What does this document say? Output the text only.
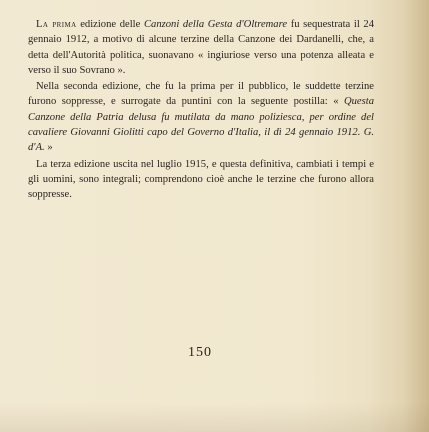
La prima edizione delle Canzoni della Gesta d'Oltremare fu sequestrata il 24 gennaio 1912, a motivo di alcune terzine della Canzone dei Dardanelli, che, a detta dell'Autorità politica, suonavano « ingiuriose verso una potenza alleata e verso il suo Sovrano ».

Nella seconda edizione, che fu la prima per il pubblico, le suddette terzine furono soppresse, e surrogate da puntini con la seguente postilla: « Questa Canzone della Patria delusa fu mutilata da mano poliziesca, per ordine del cavaliere Giovanni Giolitti capo del Governo d'Italia, il dì 24 gennaio 1912. G. d'A. »

La terza edizione uscita nel luglio 1915, e questa definitiva, cambiati i tempi e gli uomini, sono integrali; comprendono cioè anche le terzine che furono allora soppresse.

150
